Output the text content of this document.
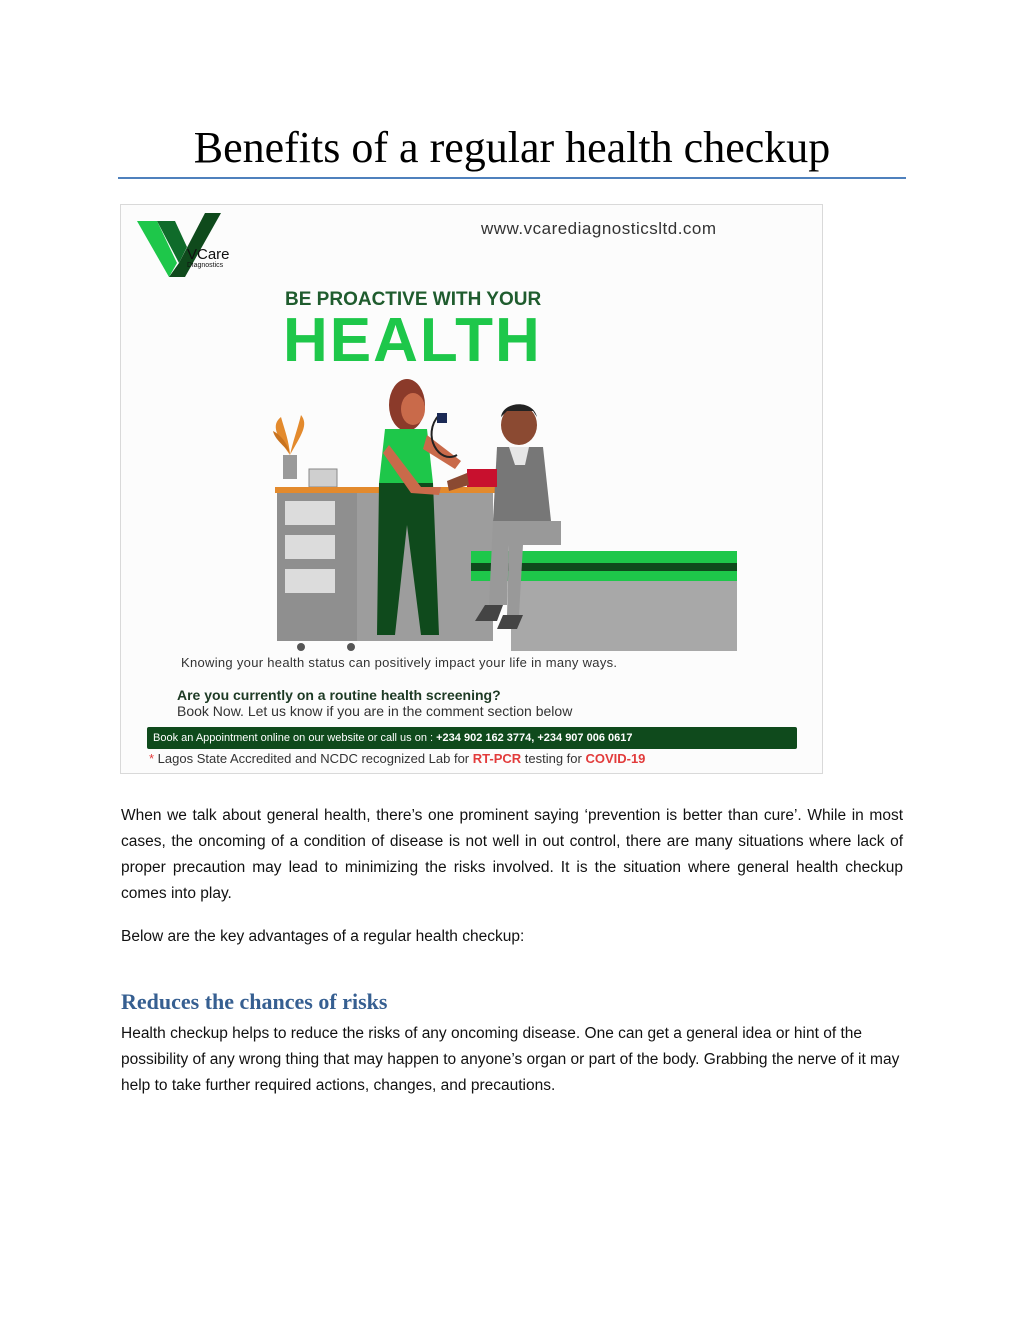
Benefits of a regular health checkup
VCare
Diagnostics
www.vcarediagnosticsltd.com
BE PROACTIVE WITH YOUR
HEALTH
Knowing your health status can positively impact your life in many ways.
Are you currently on a routine health screening?
Book Now. Let us know if you are in the comment section below
Book an Appointment online on our website or call us on : +234 902 162 3774, +234 907 006 0617
* Lagos State Accredited and NCDC recognized Lab for RT-PCR testing for COVID-19
When we talk about general health, there’s one prominent saying ‘prevention is better than cure’. While in most cases, the oncoming of a condition of disease is not well in out control, there are many situations where lack of proper precaution may lead to minimizing the risks involved. It is the situation where general health checkup comes into play.
Below are the key advantages of a regular health checkup:
Reduces the chances of risks
Health checkup helps to reduce the risks of any oncoming disease. One can get a general idea or hint of the possibility of any wrong thing that may happen to anyone’s organ or part of the body. Grabbing the nerve of it may help to take further required actions, changes, and precautions.
